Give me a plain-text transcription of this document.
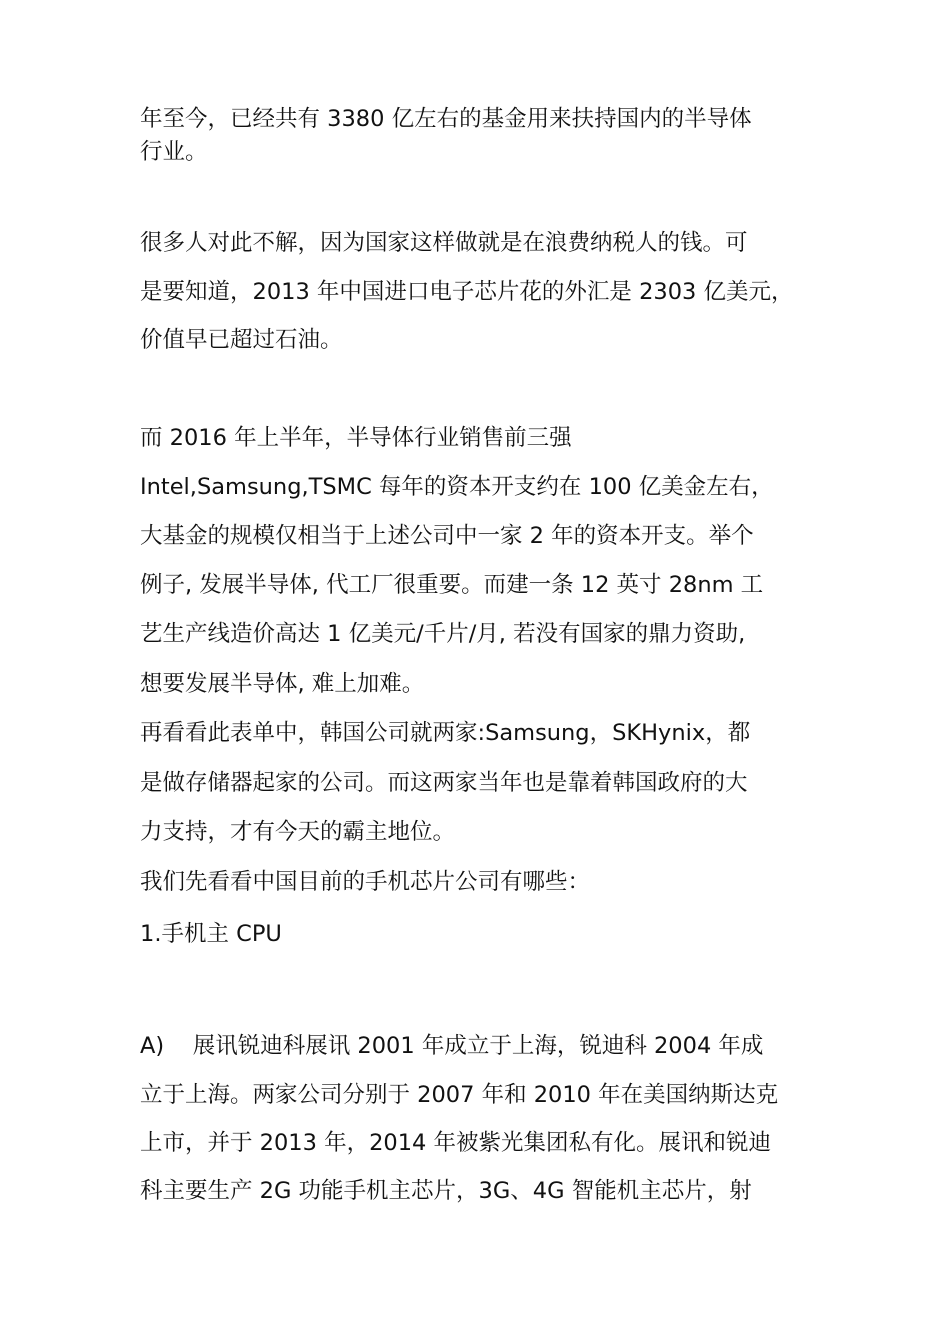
年至今，已经共有 3380 亿左右的基金用来扶持国内的半导体
行业。
很多人对此不解，因为国家这样做就是在浪费纳税人的钱。可
是要知道，2013 年中国进口电子芯片花的外汇是 2303 亿美元，
价值早已超过石油。
而 2016 年上半年，半导体行业销售前三强
Intel,Samsung,TSMC 每年的资本开支约在 100 亿美金左右，
大基金的规模仅相当于上述公司中一家 2 年的资本开支。举个
例子, 发展半导体, 代工厂很重要。而建一条 12 英寸 28nm 工
艺生产线造价高达 1 亿美元/千片/月, 若没有国家的鼎力资助,
想要发展半导体, 难上加难。
再看看此表单中，韩国公司就两家:Samsung，SKHynix，都
是做存储器起家的公司。而这两家当年也是靠着韩国政府的大
力支持，才有今天的霸主地位。
我们先看看中国目前的手机芯片公司有哪些：
1.手机主 CPU
A)    展讯锐迪科展讯 2001 年成立于上海，锐迪科 2004 年成
立于上海。两家公司分别于 2007 年和 2010 年在美国纳斯达克
上市，并于 2013 年，2014 年被紫光集团私有化。展讯和锐迪
科主要生产 2G 功能手机主芯片，3G、4G 智能机主芯片，射
